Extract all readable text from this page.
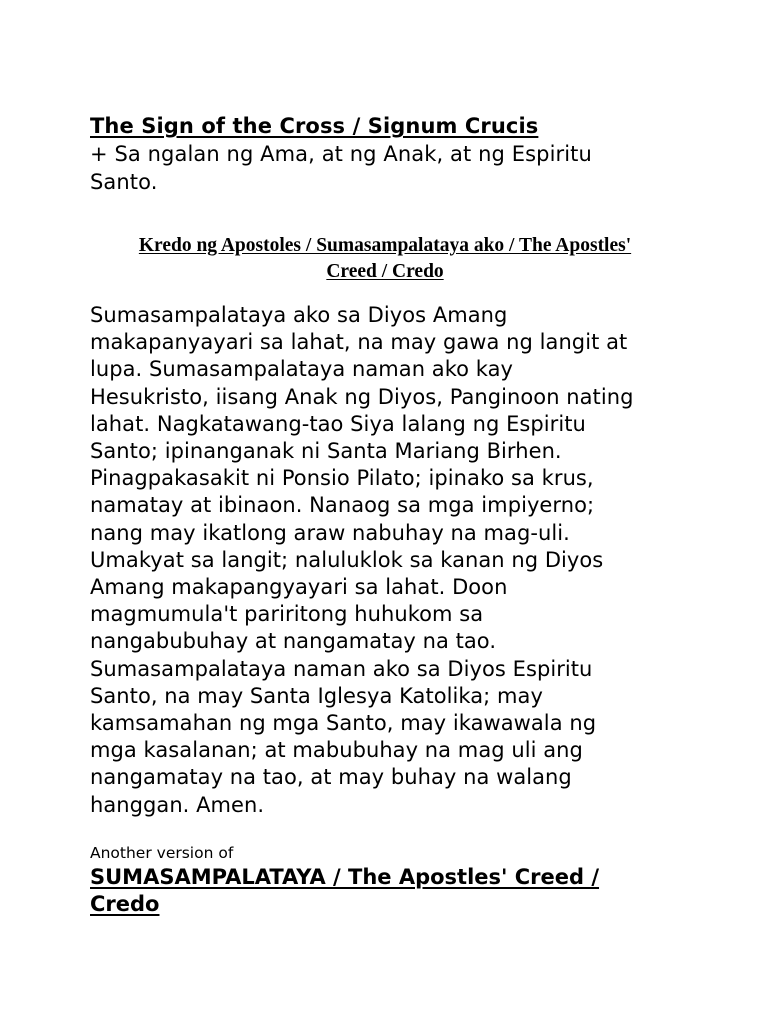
The Sign of the Cross / Signum Crucis
+ Sa ngalan ng Ama, at ng Anak, at ng Espiritu
Santo.
Kredo ng Apostoles / Sumasampalataya ako / The Apostles'
Creed / Credo
Sumasampalataya ako sa Diyos Amang
makapanyayari sa lahat, na may gawa ng langit at
lupa. Sumasampalataya naman ako kay
Hesukristo, iisang Anak ng Diyos, Panginoon nating
lahat. Nagkatawang-tao Siya lalang ng Espiritu
Santo; ipinanganak ni Santa Mariang Birhen.
Pinagpakasakit ni Ponsio Pilato; ipinako sa krus,
namatay at ibinaon. Nanaog sa mga impiyerno;
nang may ikatlong araw nabuhay na mag-uli.
Umakyat sa langit; naluluklok sa kanan ng Diyos
Amang makapangyayari sa lahat. Doon
magmumula't pariritong huhukom sa
nangabubuhay at nangamatay na tao.
Sumasampalataya naman ako sa Diyos Espiritu
Santo, na may Santa Iglesya Katolika; may
kamsamahan ng mga Santo, may ikawawala ng
mga kasalanan; at mabubuhay na mag uli ang
nangamatay na tao, at may buhay na walang
hanggan. Amen.
Another version of
SUMASAMPALATAYA / The Apostles' Creed /
Credo
